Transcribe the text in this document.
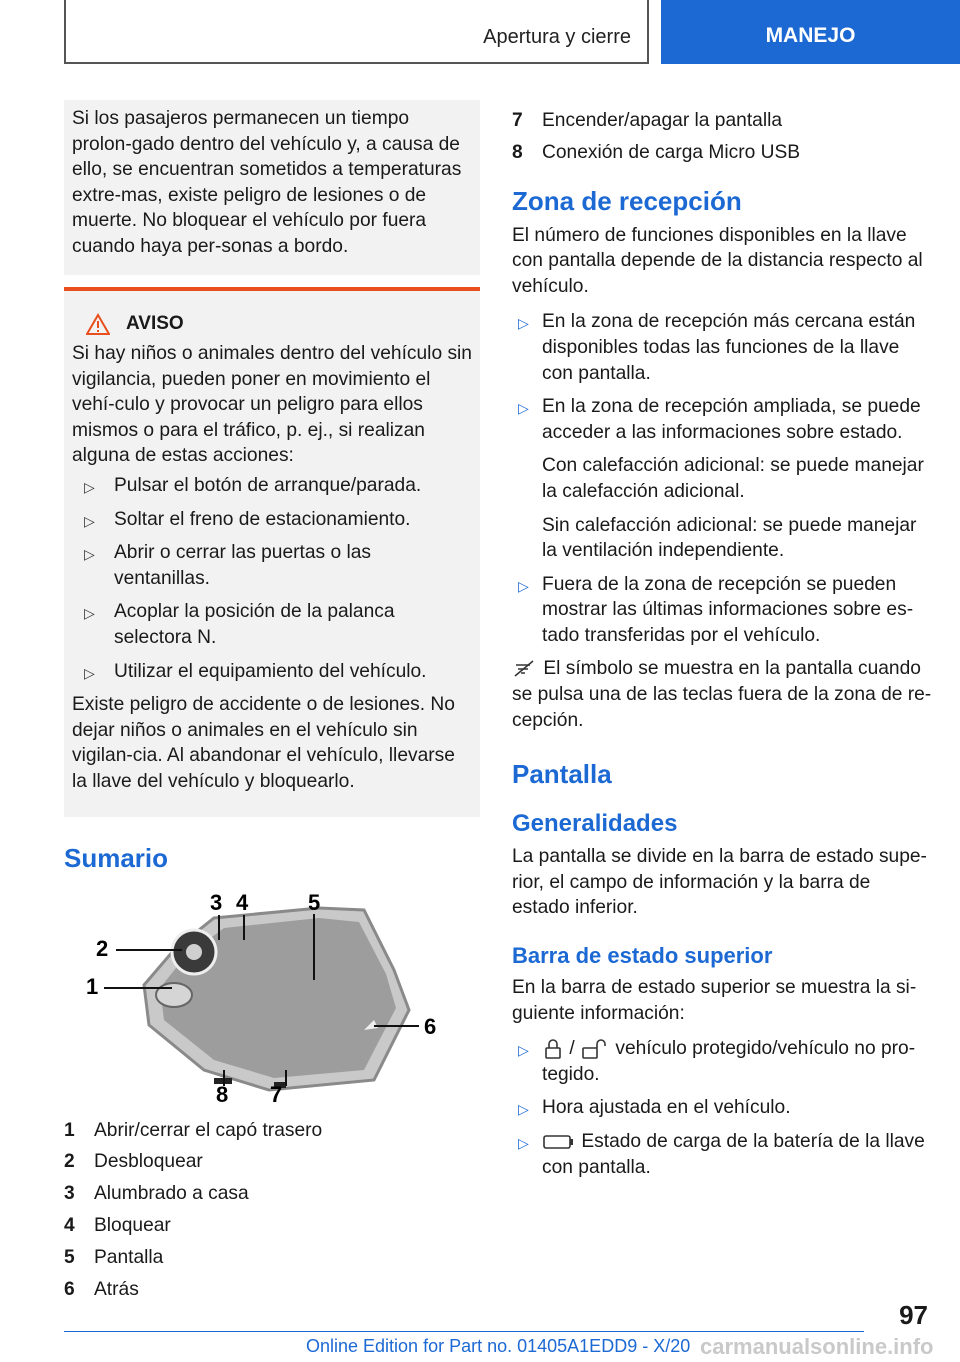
Apertura y cierre	MANEJO

Si los pasajeros permanecen un tiempo prolon-gado dentro del vehículo y, a causa de ello, se encuentran sometidos a temperaturas extre-mas, existe peligro de lesiones o de muerte. No bloquear el vehículo por fuera cuando haya per-sonas a bordo.

AVISO

Si hay niños o animales dentro del vehículo sin vigilancia, pueden poner en movimiento el vehí-culo y provocar un peligro para ellos mismos o para el tráfico, p. ej., si realizan alguna de estas acciones:

▷ Pulsar el botón de arranque/parada.
▷ Soltar el freno de estacionamiento.
▷ Abrir o cerrar las puertas o las ventanillas.
▷ Acoplar la posición de la palanca selectora N.
▷ Utilizar el equipamiento del vehículo.

Existe peligro de accidente o de lesiones. No dejar niños o animales en el vehículo sin vigilan-cia. Al abandonar el vehículo, llevarse la llave del vehículo y bloquearlo.

Sumario
1
2
3 4	5
6
7
8
1	Abrir/cerrar el capó trasero
2	Desbloquear
3	Alumbrado a casa
4	Bloquear
5	Pantalla
6	Atrás
7	Encender/apagar la pantalla
8	Conexión de carga Micro USB
Zona de recepción

El número de funciones disponibles en la llave con pantalla depende de la distancia respecto al vehículo.

▷ En la zona de recepción más cercana están disponibles todas las funciones de la llave con pantalla.
▷ En la zona de recepción ampliada, se puede acceder a las informaciones sobre estado.

Con calefacción adicional: se puede manejar la calefacción adicional.

Sin calefacción adicional: se puede manejar la ventilación independiente.

▷ Fuera de la zona de recepción se pueden mostrar las últimas informaciones sobre es-tado transferidas por el vehículo.

El símbolo se muestra en la pantalla cuando se pulsa una de las teclas fuera de la zona de re-cepción.

Pantalla
Generalidades

La pantalla se divide en la barra de estado supe-rior, el campo de información y la barra de estado inferior.

Barra de estado superior

En la barra de estado superior se muestra la si-guiente información:

▷ / vehículo protegido/vehículo no pro-tegido.
▷ Hora ajustada en el vehículo.
▷	Estado de carga de la batería de la llave con pantalla.
97
Online Edition for Part no. 01405A1EDD9 - X/20 carmanualsonline.info
